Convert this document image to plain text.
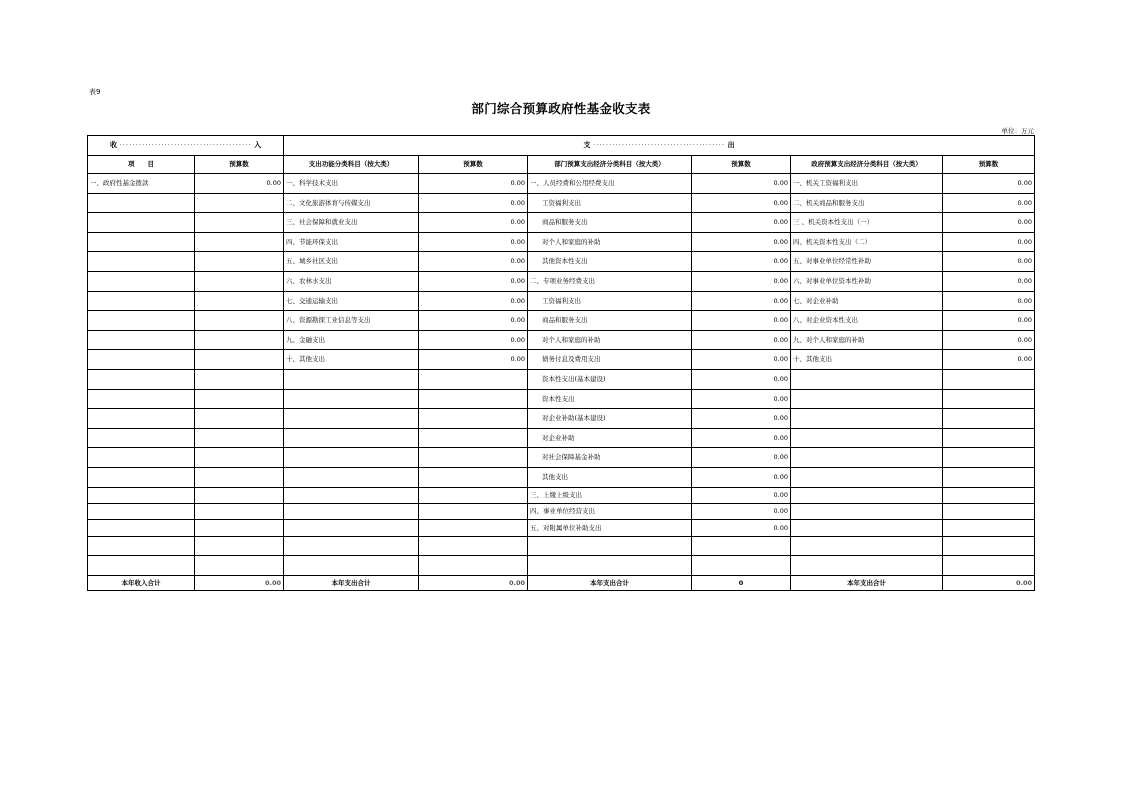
表9
部门综合预算政府性基金收支表
单位：万元
收 ········································· 入		支 ········································· 出					
项　　目	预算数	支出功能分类科目（按大类）	预算数	部门预算支出经济分类科目（按大类）	预算数	政府预算支出经济分类科目（按大类）	预算数
一、政府性基金拨款	0.00	一、科学技术支出	0.00	一、人员经费和公用经费支出	0.00	一、机关工资福利支出	0.00
		二、文化旅游体育与传媒支出	0.00	工资福利支出	0.00	二、机关商品和服务支出	0.00
		三、社会保障和就业支出	0.00	商品和服务支出	0.00	三 、机关资本性支出（一）	0.00
		四、节能环保支出	0.00	对个人和家庭的补助	0.00	四、机关资本性支出（二）	0.00
		五、城乡社区支出	0.00	其他资本性支出	0.00	五、对事业单位经常性补助	0.00
		六、农林水支出	0.00	二、专项业务经费支出	0.00	六、对事业单位资本性补助	0.00
		七、交通运输支出	0.00	工资福利支出	0.00	七、对企业补助	0.00
		八、资源勘探工业信息等支出	0.00	商品和服务支出	0.00	八、对企业资本性支出	0.00
		九、金融支出	0.00	对个人和家庭的补助	0.00	九、对个人和家庭的补助	0.00
		十、其他支出	0.00	债务付息及费用支出	0.00	十、其他支出	0.00
				资本性支出(基本建设)	0.00		
				资本性支出	0.00		
				对企业补助(基本建设)	0.00		
				对企业补助	0.00		
				对社会保障基金补助	0.00		
				其他支出	0.00		
				三、上缴上级支出	0.00		
				四、事业单位经营支出	0.00		
				五、对附属单位补助支出	0.00		

本年收入合计	0.00	本年支出合计	0.00	本年支出合计	0	本年支出合计	0.00
